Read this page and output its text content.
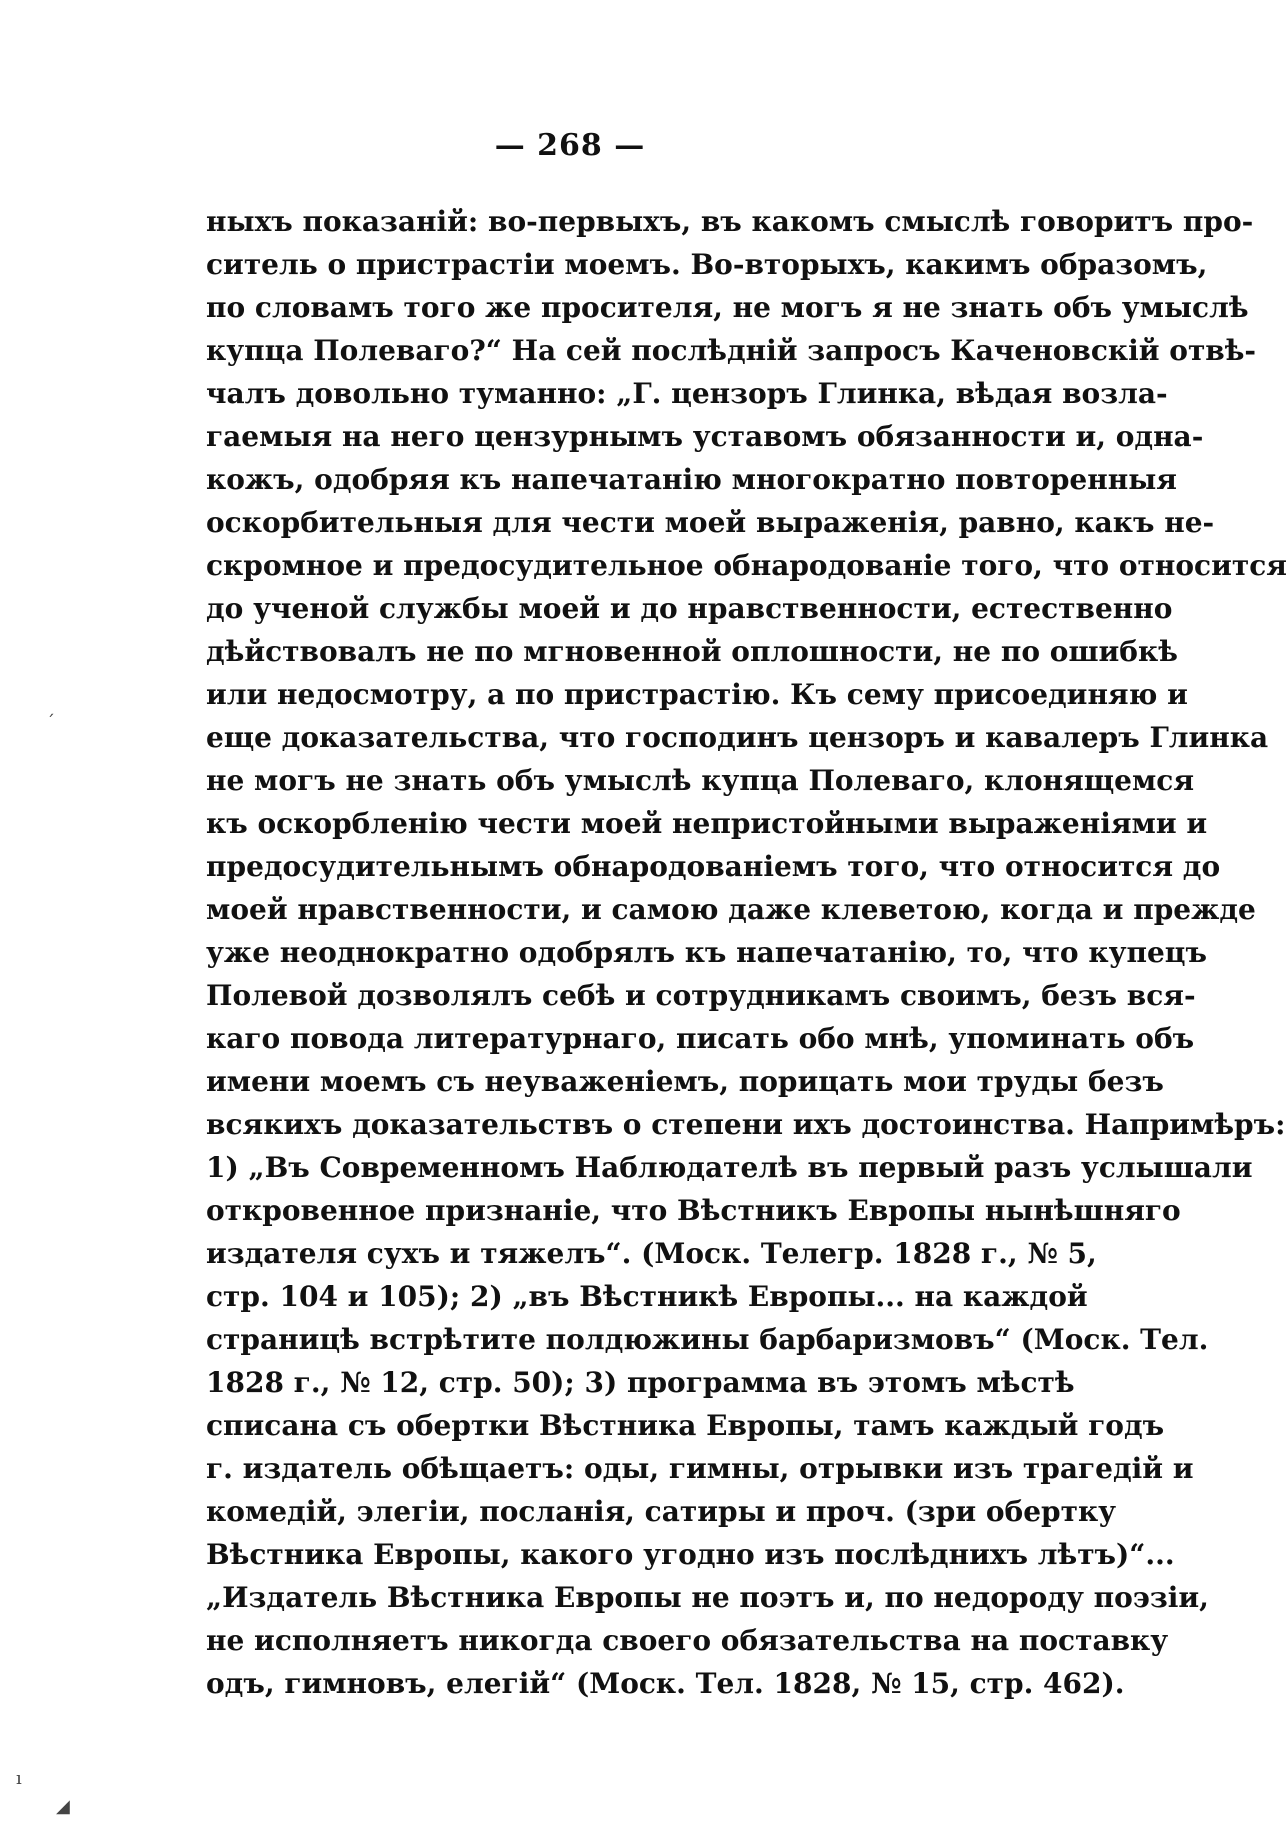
— 268 —
ˊ
ı
◢
ныхъ показаній: во-первыхъ, въ какомъ смыслѣ говоритъ про-
ситель о пристрастіи моемъ. Во-вторыхъ, какимъ образомъ,
по словамъ того же просителя, не могъ я не знать объ умыслѣ
купца Полеваго?“ На сей послѣдній запросъ Каченовскій отвѣ-
чалъ довольно туманно: „Г. цензоръ Глинка, вѣдая возла-
гаемыя на него цензурнымъ уставомъ обязанности и, одна-
кожъ, одобряя къ напечатанію многократно повторенныя
оскорбительныя для чести моей выраженія, равно, какъ не-
скромное и предосудительное обнародованіе того, что относится
до ученой службы моей и до нравственности, естественно
дѣйствовалъ не по мгновенной оплошности, не по ошибкѣ
или недосмотру, а по пристрастію. Къ сему присоединяю и
еще доказательства, что господинъ цензоръ и кавалеръ Глинка
не могъ не знать объ умыслѣ купца Полеваго, клонящемся
къ оскорбленію чести моей непристойными выраженіями и
предосудительнымъ обнародованіемъ того, что относится до
моей нравственности, и самою даже клеветою, когда и прежде
уже неоднократно одобрялъ къ напечатанію, то, что купецъ
Полевой дозволялъ себѣ и сотрудникамъ своимъ, безъ вся-
каго повода литературнаго, писать обо мнѣ, упоминать объ
имени моемъ съ неуваженіемъ, порицать мои труды безъ
всякихъ доказательствъ о степени ихъ достоинства. Напримѣръ:
1) „Въ Современномъ Наблюдателѣ въ первый разъ услышали
откровенное признаніе, что Вѣстникъ Европы нынѣшняго
издателя сухъ и тяжелъ“. (Моск. Телегр. 1828 г., № 5,
стр. 104 и 105); 2) „въ Вѣстникѣ Европы... на каждой
страницѣ встрѣтите полдюжины барбаризмовъ“ (Моск. Тел.
1828 г., № 12, стр. 50); 3) программа въ этомъ мѣстѣ
списана съ обертки Вѣстника Европы, тамъ каждый годъ
г. издатель обѣщаетъ: оды, гимны, отрывки изъ трагедій и
комедій, элегіи, посланія, сатиры и проч. (зри обертку
Вѣстника Европы, какого угодно изъ послѣднихъ лѣтъ)“...
„Издатель Вѣстника Европы не поэтъ и, по недороду поэзіи,
не исполняетъ никогда своего обязательства на поставку
одъ, гимновъ, елегій“ (Моск. Тел. 1828, № 15, стр. 462).
